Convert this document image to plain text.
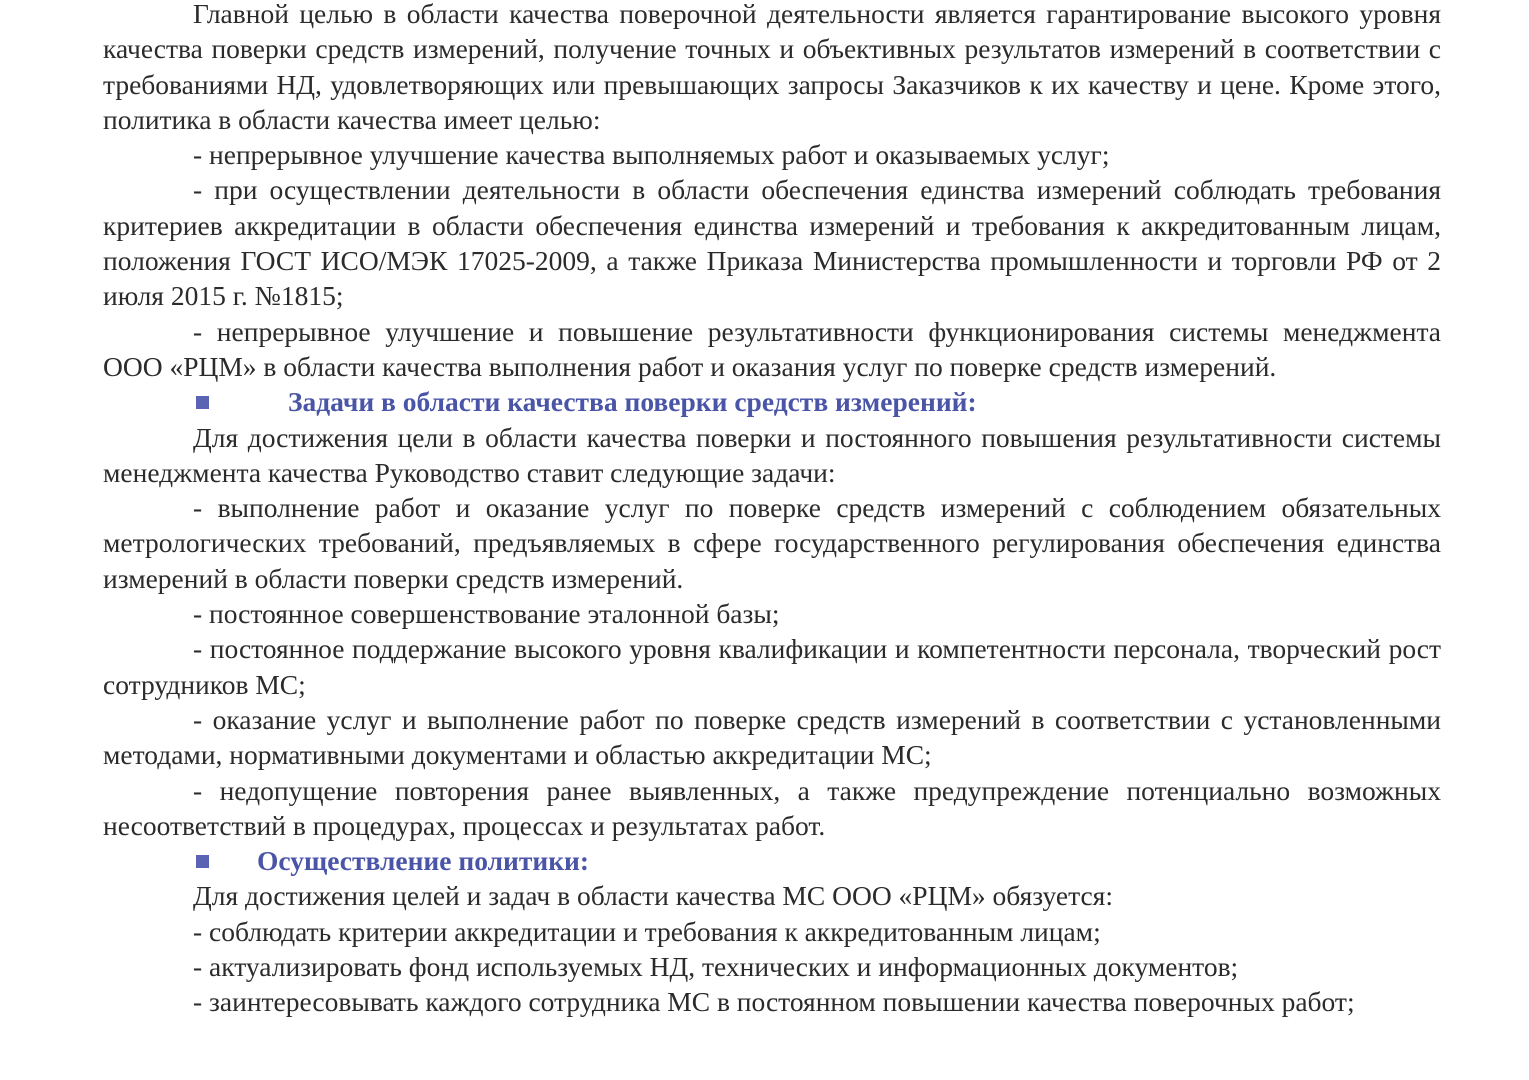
Главной целью в области качества поверочной деятельности является гарантирование высокого уровня качества поверки средств измерений, получение точных и объективных результатов измерений в соответствии с требованиями НД, удовлетворяющих или превышающих запросы Заказчиков к их качеству и цене. Кроме этого, политика в области качества имеет целью:

- непрерывное улучшение качества выполняемых работ и оказываемых услуг;

- при осуществлении деятельности в области обеспечения единства измерений соблюдать требования критериев аккредитации в области обеспечения единства измерений и требования к аккредитованным лицам, положения ГОСТ ИСО/МЭК 17025-2009, а также Приказа Министерства промышленности и торговли РФ от 2 июля 2015 г. №1815;

- непрерывное улучшение и повышение результативности функционирования системы менеджмента ООО «РЦМ» в области качества выполнения работ и оказания услуг по поверке средств измерений.

Задачи в области качества поверки средств измерений:

Для достижения цели в области качества поверки и постоянного повышения результативности системы менеджмента качества Руководство ставит следующие задачи:

- выполнение работ и оказание услуг по поверке средств измерений с соблюдением обязательных метрологических требований, предъявляемых в сфере государственного регулирования обеспечения единства измерений в области поверки средств измерений.

- постоянное совершенствование эталонной базы;

- постоянное поддержание высокого уровня квалификации и компетентности персонала, творческий рост сотрудников МС;

- оказание услуг и выполнение работ по поверке средств измерений в соответствии с установленными методами, нормативными документами и областью аккредитации МС;

- недопущение повторения ранее выявленных, а также предупреждение потенциально возможных несоответствий в процедурах, процессах и результатах работ.

Осуществление политики:

Для достижения целей и задач в области качества МС ООО «РЦМ» обязуется:

- соблюдать критерии аккредитации и требования к аккредитованным лицам;

- актуализировать фонд используемых НД, технических и информационных документов;

- заинтересовывать каждого сотрудника МС в постоянном повышении качества поверочных работ;
